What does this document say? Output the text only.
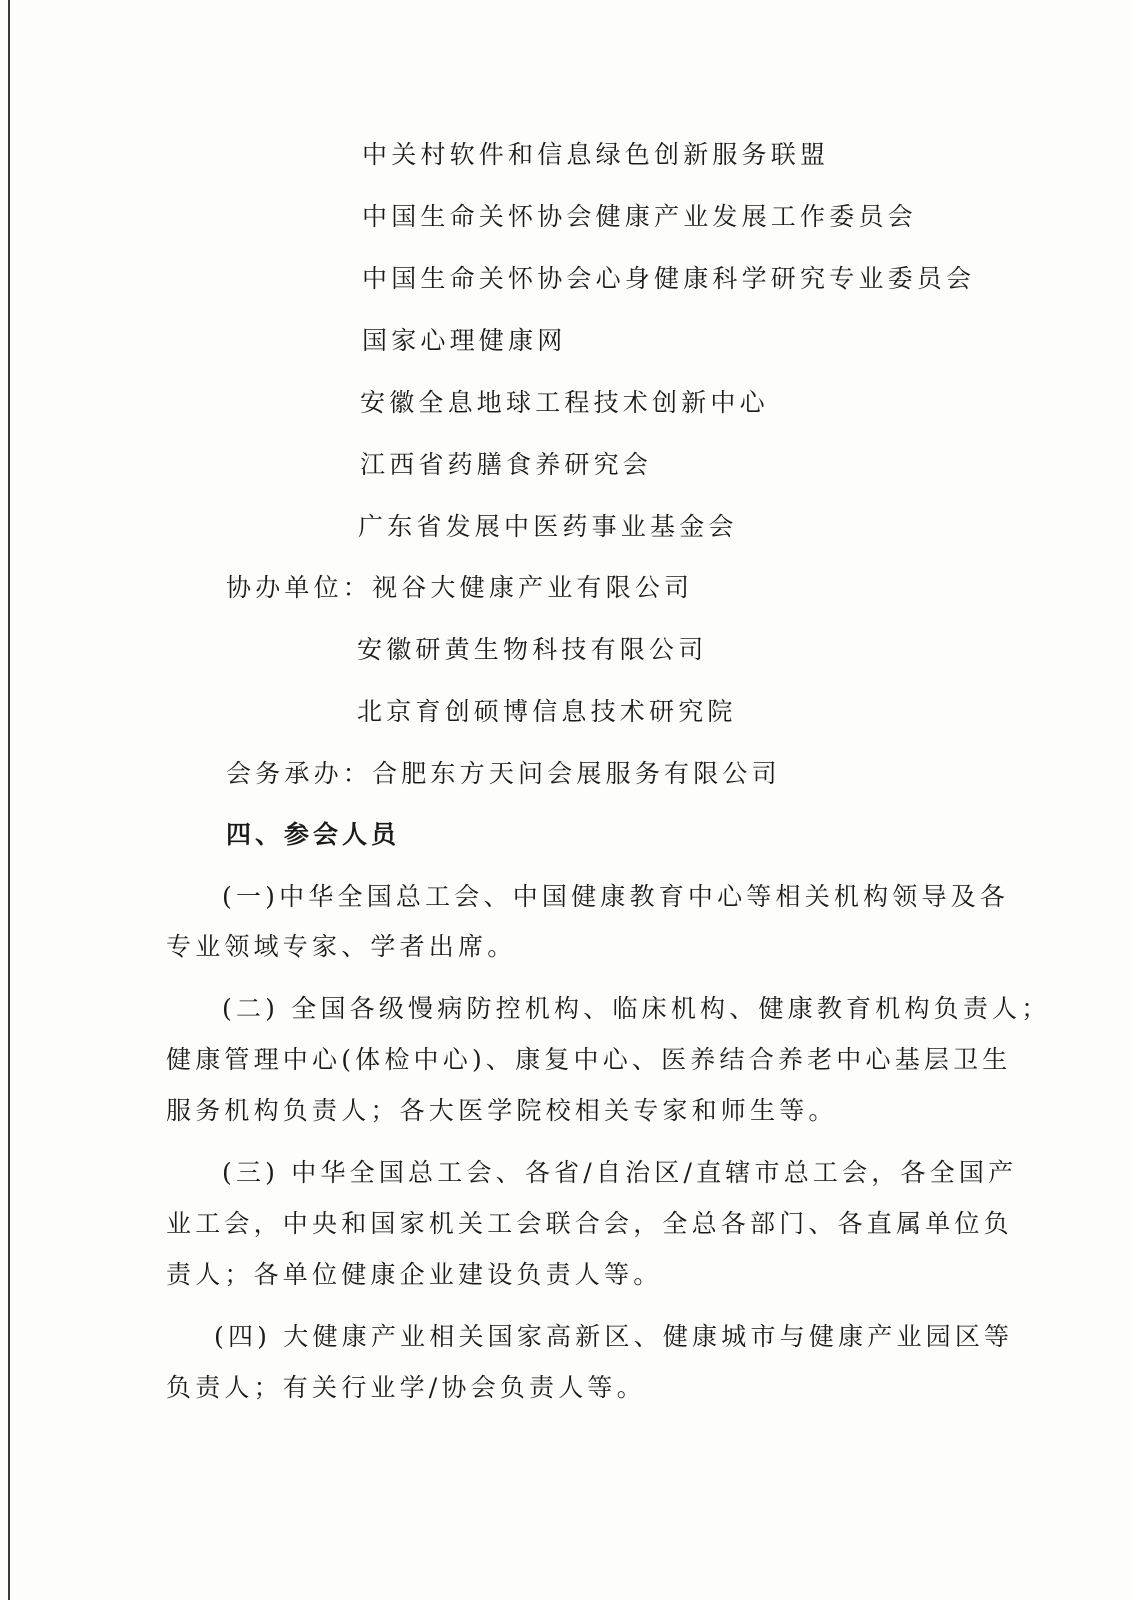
中关村软件和信息绿色创新服务联盟
中国生命关怀协会健康产业发展工作委员会
中国生命关怀协会心身健康科学研究专业委员会
国家心理健康网
安徽全息地球工程技术创新中心
江西省药膳食养研究会
广东省发展中医药事业基金会
协办单位：视谷大健康产业有限公司
安徽研黄生物科技有限公司
北京育创硕博信息技术研究院
会务承办：合肥东方天问会展服务有限公司
四、参会人员
(一)中华全国总工会、中国健康教育中心等相关机构领导及各
专业领域专家、学者出席。
(二) 全国各级慢病防控机构、临床机构、健康教育机构负责人；
健康管理中心(体检中心)、康复中心、医养结合养老中心基层卫生
服务机构负责人；各大医学院校相关专家和师生等。
(三) 中华全国总工会、各省/自治区/直辖市总工会，各全国产
业工会，中央和国家机关工会联合会，全总各部门、各直属单位负
责人；各单位健康企业建设负责人等。
(四) 大健康产业相关国家高新区、健康城市与健康产业园区等
负责人；有关行业学/协会负责人等。
